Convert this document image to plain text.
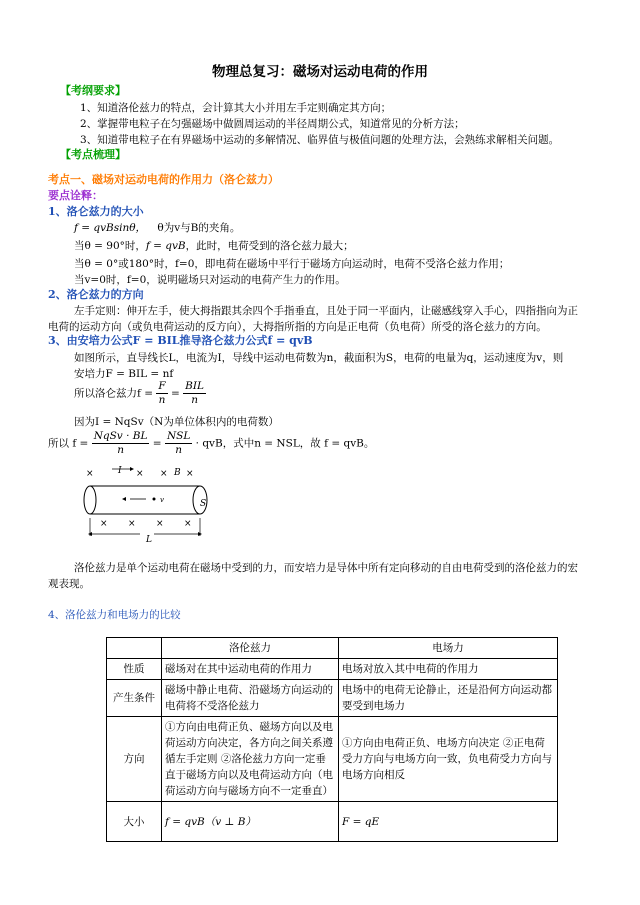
物理总复习：磁场对运动电荷的作用
【考纲要求】
1、知道洛伦兹力的特点，会计算其大小并用左手定则确定其方向；
2、掌握带电粒子在匀强磁场中做圆周运动的半径周期公式，知道常见的分析方法；
3、知道带电粒子在有界磁场中运动的多解情况、临界值与极值问题的处理方法，会熟练求解相关问题。
【考点梳理】
考点一、磁场对运动电荷的作用力（洛仑兹力）
要点诠释：
1、洛仑兹力的大小
f = qvBsinθ， θ为v与B的夹角。
当θ = 90°时，f = qvB，此时，电荷受到的洛仑兹力最大；
当θ = 0°或180°时，f=0，即电荷在磁场中平行于磁场方向运动时，电荷不受洛仑兹力作用；
当v=0时，f=0，说明磁场只对运动的电荷产生力的作用。
2、洛仑兹力的方向
左手定则：伸开左手，使大拇指跟其余四个手指垂直，且处于同一平面内，让磁感线穿入手心，四指指向为正
电荷的运动方向（或负电荷运动的反方向），大拇指所指的方向是正电荷（负电荷）所受的洛仑兹力的方向。
3、由安培力公式F = BIL推导洛仑兹力公式f = qvB
如图所示，直导线长L，电流为I，导线中运动电荷数为n，截面积为S，电荷的电量为q，运动速度为v，则
安培力F = BIL = nf
所以洛仑兹力$f = \frac{F}{n} = \frac{\text{BIL}}{n}$
因为I = NqSv（N为单位体积内的电荷数）
所以 $f = \frac{\text{NqSv · BL}}{n} = \frac{\text{NSL}}{n}$ · qvB，式中n = NSL，故 f = qvB。
×	× × ×
× × × ×
I	B
S
L
v
洛伦兹力是单个运动电荷在磁场中受到的力，而安培力是导体中所有定向移动的自由电荷受到的洛伦兹力的宏
观表现。
4、洛伦兹力和电场力的比较
	洛伦兹力	电场力
性质	磁场对在其中运动电荷的作用力	电场对放入其中电荷的作用力
产生条件	磁场中静止电荷、沿磁场方向运动的电荷将不受洛伦兹力	电场中的电荷无论静止，还是沿何方向运动都要受到电场力
方向	①方向由电荷正负、磁场方向以及电荷运动方向决定，各方向之间关系遵循左手定则 ②洛伦兹力方向一定垂直于磁场方向以及电荷运动方向（电荷运动方向与磁场方向不一定垂直）	①方向由电荷正负、电场方向决定 ②正电荷受力方向与电场方向一致，负电荷受力方向与电场方向相反
大小	f = qvB（v ⊥ B）	F = qE
